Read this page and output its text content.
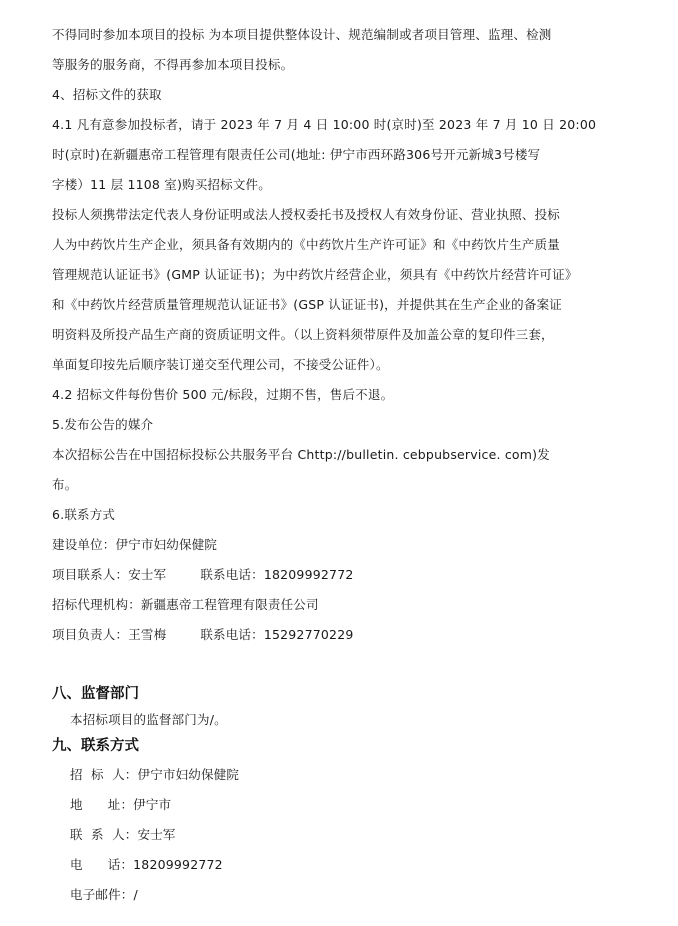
不得同时参加本项目的投标 为本项目提供整体设计、规范编制或者项目管理、监理、检测
等服务的服务商，不得再参加本项目投标。
4、招标文件的获取
4.1 凡有意参加投标者，请于 2023 年 7 月 4 日 10:00 时(京时)至 2023 年 7 月 10 日 20:00
时(京时)在新疆惠帝工程管理有限责任公司(地址: 伊宁市西环路306号开元新城3号楼写
字楼）11 层 1108 室)购买招标文件。
投标人须携带法定代表人身份证明或法人授权委托书及授权人有效身份证、营业执照、投标
人为中药饮片生产企业，须具备有效期内的《中药饮片生产许可证》和《中药饮片生产质量
管理规范认证证书》(GMP 认证证书)；为中药饮片经营企业，须具有《中药饮片经营许可证》
和《中药饮片经营质量管理规范认证证书》(GSP 认证证书)，并提供其在生产企业的备案证
明资料及所投产品生产商的资质证明文件。（以上资料须带原件及加盖公章的复印件三套，
单面复印按先后顺序装订递交至代理公司，不接受公证件）。
4.2 招标文件每份售价 500 元/标段，过期不售，售后不退。
5.发布公告的媒介
本次招标公告在中国招标投标公共服务平台 Chttp://bulletin. cebpubservice. com)发
布。
6.联系方式
建设单位：伊宁市妇幼保健院
项目联系人：安士军	联系电话：18209992772
招标代理机构：新疆惠帝工程管理有限责任公司
项目负责人：王雪梅	联系电话：15292770229
八、监督部门
本招标项目的监督部门为/。
九、联系方式
招  标  人：伊宁市妇幼保健院
地      址：伊宁市
联  系  人：安士军
电      话：18209992772
电子邮件：/
